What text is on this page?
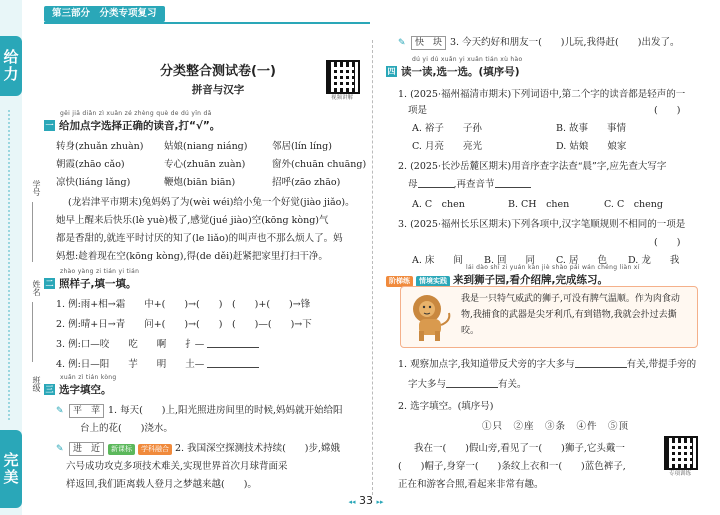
给力
完美
学号
姓名
班级
第三部分　分类专项复习
分类整合测试卷(一)
拼音与汉字
视频讲解
gěi jiā diǎn zì xuǎn zé zhèng què de dú yīn dǎ
一 给加点字选择正确的读音,打“√”。
转身(zhuǎn zhuàn) 姑娘(niang niáng)	邻居(lín líng)
朝霞(zhāo cǎo)	专心(zhuān zuàn)	窗外(chuān chuāng)
凉快(liáng lǎng)	鞭炮(biān biān)	招呼(zāo zhāo)
(龙岩津平市期末)兔妈妈了为(wèi wéi)给小兔一个好觉(jiào jiǎo)。
她早上醒来后快乐(lè yuè)极了,感觉(jué jiào)空(kōng kòng)气
都是香甜的,就连平时讨厌的知了(le liǎo)的叫声也不那么烦人了。妈
妈想:趁着现在空(kōng kòng),得(de děi)赶紧把家里打扫干净。
zhào yàng zi tián yi tián
二 照样子,填一填。
1. 例:雨+相→霜　　中+(　　)→(　　)　(　　)+(　　)→锋
2. 例:晴+日→青　　问+(　　)→(　　)　(　　)—(　　)→下
3. 例:口—咬　　吃　　啊　　扌—
4. 例:日—阳　　芋　　明　　土—
xuǎn zì tián kòng
三 选字填空。
✎ 平　苹 1. 每天(　　)上,阳光照进房间里的时候,妈妈就开始给阳
台上的花(　　)浇水。
✎ 进　近 新课标 学科融合 2. 我国深空探测技术持续(　　)步,嫦娥
六号成功攻克多项技术难关,实现世界首次月球背面采
样返回,我们距离载人登月之梦越来越(　　)。
✎ 快　块 3. 今天约好和朋友一(　　)儿玩,我得赶(　　)出发了。
dú yi dú xuǎn yi xuǎn tián xù hào
四 读一读,选一选。(填序号)
1. (2025·福州福清市期末)下列词语中,第二个字的读音都是轻声的一
项是	(　　)
A. 裕子　　子孙	B. 故事　　事情
C. 月亮　　亮光	D. 姑娘　　娘家
2. (2025·长沙岳麓区期末)用音序查字法查“晨”字,应先查大写字
母	,再查音节
A. C　chen	B. CH　chen	C. C　cheng
3. (2025·福州长乐区期末)下列各项中,汉字笔顺规则不相同的一项是
(　　)
A. 床　　间 B. 回　　同 C. 居　　色 D. 龙　　我
lái dào shī zi yuán kàn jiè shào pái wán chéng liàn xí
阶梯练 情境实践 来到狮子园,看介绍牌,完成练习。
我是一只特气威武的狮子,可没有脾气温顺。作为肉食动物,我捕食的武器是尖牙利爪,有到错物,我就会扑过去撕咬。
1. 观察加点字,我知道带反犬旁的字大多与	有关,带提手旁的
字大多与	有关。
2. 选字填空。(填序号)
①只　②座　③条　④件　⑤顶
我在一(　　)假山旁,看见了一(　　)狮子,它头戴一
(　　)帽子,身穿一(　　)条纹上衣和一(　　)蓝色裤子,
正在和游客合照,看起来非常有趣。
专项训练
◂◂ 33 ▸▸
